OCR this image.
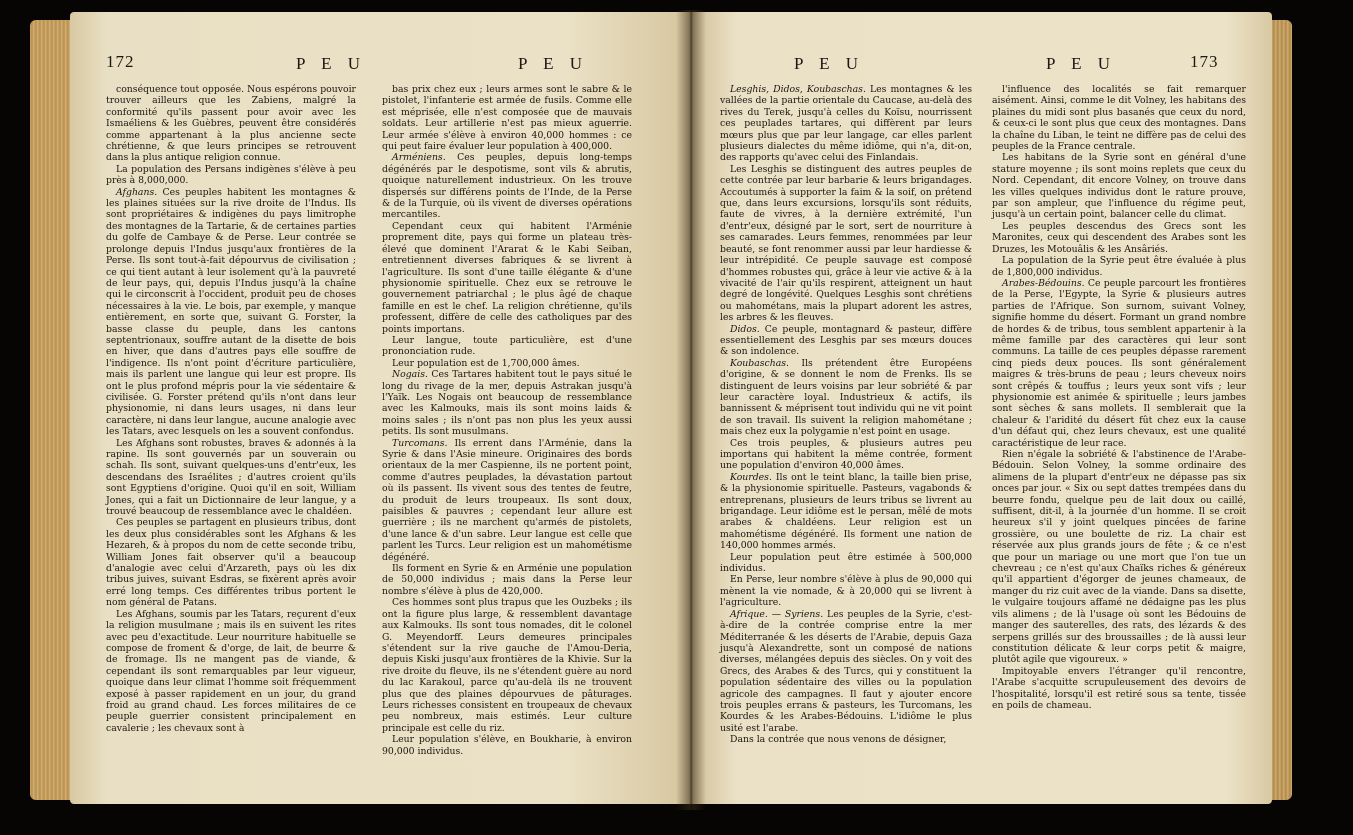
172	P E U	P E U

conséquence tout opposée. Nous espérons pouvoir trouver ailleurs que les Zabiens, malgré la conformité qu'ils passent pour avoir avec les Ismaéliens & les Guèbres, peuvent être considérés comme appartenant à la plus ancienne secte chrétienne, & que leurs principes se retrouvent dans la plus antique religion connue.

La population des Persans indigènes s'élève à peu près à 8,000,000.

Afghans. Ces peuples habitent les montagnes & les plaines situées sur la rive droite de l'Indus. Ils sont propriétaires & indigènes du pays limitrophe des montagnes de la Tartarie, & de certaines parties du golfe de Cambaye & de Perse. Leur contrée se prolonge depuis l'Indus jusqu'aux frontières de la Perse. Ils sont tout-à-fait dépourvus de civilisation ; ce qui tient autant à leur isolement qu'à la pauvreté de leur pays, qui, depuis l'Indus jusqu'à la chaîne qui le circonscrit à l'occident, produit peu de choses nécessaires à la vie. Le bois, par exemple, y manque entièrement, en sorte que, suivant G. Forster, la basse classe du peuple, dans les cantons septentrionaux, souffre autant de la disette de bois en hiver, que dans d'autres pays elle souffre de l'indigence. Ils n'ont point d'écriture particulière, mais ils parlent une langue qui leur est propre. Ils ont le plus profond mépris pour la vie sédentaire & civilisée. G. Forster prétend qu'ils n'ont dans leur physionomie, ni dans leurs usages, ni dans leur caractère, ni dans leur langue, aucune analogie avec les Tatars, avec lesquels on les a souvent confondus.

Les Afghans sont robustes, braves & adonnés à la rapine. Ils sont gouvernés par un souverain ou schah. Ils sont, suivant quelques-uns d'entr'eux, les descendans des Israélites ; d'autres croient qu'ils sont Egyptiens d'origine. Quoi qu'il en soit, William Jones, qui a fait un Dictionnaire de leur langue, y a trouvé beaucoup de ressemblance avec le chaldéen.

Ces peuples se partagent en plusieurs tribus, dont les deux plus considérables sont les Afghans & les Hezareh, & à propos du nom de cette seconde tribu, William Jones fait observer qu'il a beaucoup d'analogie avec celui d'Arzareth, pays où les dix tribus juives, suivant Esdras, se fixèrent après avoir erré long temps. Ces différentes tribus portent le nom général de Patans.

Les Afghans, soumis par les Tatars, reçurent d'eux la religion musulmane ; mais ils en suivent les rites avec peu d'exactitude. Leur nourriture habituelle se compose de froment & d'orge, de lait, de beurre & de fromage. Ils ne mangent pas de viande, & cependant ils sont remarquables par leur vigueur, quoique dans leur climat l'homme soit fréquemment exposé à passer rapidement en un jour, du grand froid au grand chaud. Les forces militaires de ce peuple guerrier consistent principalement en cavalerie ; les chevaux sont à

bas prix chez eux ; leurs armes sont le sabre & le pistolet, l'infanterie est armée de fusils. Comme elle est méprisée, elle n'est composée que de mauvais soldats. Leur artillerie n'est pas mieux aguerrie. Leur armée s'élève à environ 40,000 hommes : ce qui peut faire évaluer leur population à 400,000.

Arméniens. Ces peuples, depuis long-temps dégénérés par le despotisme, sont vils & abrutis, quoique naturellement industrieux. On les trouve dispersés sur différens points de l'Inde, de la Perse & de la Turquie, où ils vivent de diverses opérations mercantiles.

Cependant ceux qui habitent l'Arménie proprement dite, pays qui forme un plateau très-élevé que dominent l'Ararat & le Kabi Seiban, entretiennent diverses fabriques & se livrent à l'agriculture. Ils sont d'une taille élégante & d'une physionomie spirituelle. Chez eux se retrouve le gouvernement patriarchal ; le plus âgé de chaque famille en est le chef. La religion chrétienne, qu'ils professent, diffère de celle des catholiques par des points importans.

Leur langue, toute particulière, est d'une prononciation rude.

Leur population est de 1,700,000 âmes.

Nogais. Ces Tartares habitent tout le pays situé le long du rivage de la mer, depuis Astrakan jusqu'à l'Yaïk. Les Nogais ont beaucoup de ressemblance avec les Kalmouks, mais ils sont moins laids & moins sales ; ils n'ont pas non plus les yeux aussi petits. Ils sont musulmans.

Turcomans. Ils errent dans l'Arménie, dans la Syrie & dans l'Asie mineure. Originaires des bords orientaux de la mer Caspienne, ils ne portent point, comme d'autres peuplades, la dévastation partout où ils passent. Ils vivent sous des tentes de feutre, du produit de leurs troupeaux. Ils sont doux, paisibles & pauvres ; cependant leur allure est guerrière ; ils ne marchent qu'armés de pistolets, d'une lance & d'un sabre. Leur langue est celle que parlent les Turcs. Leur religion est un mahométisme dégénéré.

Ils forment en Syrie & en Arménie une population de 50,000 individus ; mais dans la Perse leur nombre s'élève à plus de 420,000.

Ces hommes sont plus trapus que les Ouzbeks ; ils ont la figure plus large, & ressemblent davantage aux Kalmouks. Ils sont tous nomades, dit le colonel G. Meyendorff. Leurs demeures principales s'étendent sur la rive gauche de l'Amou-Deria, depuis Kiski jusqu'aux frontières de la Khivie. Sur la rive droite du fleuve, ils ne s'étendent guère au nord du lac Karakoul, parce qu'au-delà ils ne trouvent plus que des plaines dépourvues de pâturages. Leurs richesses consistent en troupeaux de chevaux peu nombreux, mais estimés. Leur culture principale est celle du riz.

Leur population s'élève, en Boukharie, à environ 90,000 individus.

P E U	P E U	173

Lesghis, Didos, Koubaschas. Les montagnes & les vallées de la partie orientale du Caucase, au-delà des rives du Terek, jusqu'à celles du Koïsu, nourrissent ces peuplades tartares, qui diffèrent par leurs mœurs plus que par leur langage, car elles parlent plusieurs dialectes du même idiôme, qui n'a, dit-on, des rapports qu'avec celui des Finlandais.

Les Lesghis se distinguent des autres peuples de cette contrée par leur barbarie & leurs brigandages. Accoutumés à supporter la faim & la soif, on prétend que, dans leurs excursions, lorsqu'ils sont réduits, faute de vivres, à la dernière extrémité, l'un d'entr'eux, désigné par le sort, sert de nourriture à ses camarades. Leurs femmes, renommées par leur beauté, se font renommer aussi par leur hardiesse & leur intrépidité. Ce peuple sauvage est composé d'hommes robustes qui, grâce à leur vie active & à la vivacité de l'air qu'ils respirent, atteignent un haut degré de longévité. Quelques Lesghis sont chrétiens ou mahométans, mais la plupart adorent les astres, les arbres & les fleuves.

Didos. Ce peuple, montagnard & pasteur, diffère essentiellement des Lesghis par ses mœurs douces & son indolence.

Koubaschas. Ils prétendent être Européens d'origine, & se donnent le nom de Frenks. Ils se distinguent de leurs voisins par leur sobriété & par leur caractère loyal. Industrieux & actifs, ils bannissent & méprisent tout individu qui ne vit point de son travail. Ils suivent la religion mahométane ; mais chez eux la polygamie n'est point en usage.

Ces trois peuples, & plusieurs autres peu importans qui habitent la même contrée, forment une population d'environ 40,000 âmes.

Kourdes. Ils ont le teint blanc, la taille bien prise, & la physionomie spirituelle. Pasteurs, vagabonds & entreprenans, plusieurs de leurs tribus se livrent au brigandage. Leur idiôme est le persan, mêlé de mots arabes & chaldéens. Leur religion est un mahométisme dégénéré. Ils forment une nation de 140,000 hommes armés.

Leur population peut être estimée à 500,000 individus.

En Perse, leur nombre s'élève à plus de 90,000 qui mènent la vie nomade, & à 20,000 qui se livrent à l'agriculture.

Afrique. — Syriens. Les peuples de la Syrie, c'est-à-dire de la contrée comprise entre la mer Méditerranée & les déserts de l'Arabie, depuis Gaza jusqu'à Alexandrette, sont un composé de nations diverses, mélangées depuis des siècles. On y voit des Grecs, des Arabes & des Turcs, qui y constituent la population sédentaire des villes ou la population agricole des campagnes. Il faut y ajouter encore trois peuples errans & pasteurs, les Turcomans, les Kourdes & les Arabes-Bédouins. L'idiôme le plus usité est l'arabe.

Dans la contrée que nous venons de désigner,

l'influence des localités se fait remarquer aisément. Ainsi, comme le dit Volney, les habitans des plaines du midi sont plus basanés que ceux du nord, & ceux-ci le sont plus que ceux des montagnes. Dans la chaîne du Liban, le teint ne diffère pas de celui des peuples de la France centrale.

Les habitans de la Syrie sont en général d'une stature moyenne ; ils sont moins replets que ceux du Nord. Cependant, dit encore Volney, on trouve dans les villes quelques individus dont le rature prouve, par son ampleur, que l'influence du régime peut, jusqu'à un certain point, balancer celle du climat.

Les peuples descendus des Grecs sont les Maronites, ceux qui descendent des Arabes sont les Druzes, les Motouâlis & les Ansâriés.

La population de la Syrie peut être évaluée à plus de 1,800,000 individus.

Arabes-Bédouins. Ce peuple parcourt les frontières de la Perse, l'Egypte, la Syrie & plusieurs autres parties de l'Afrique. Son surnom, suivant Volney, signifie homme du désert. Formant un grand nombre de hordes & de tribus, tous semblent appartenir à la même famille par des caractères qui leur sont communs. La taille de ces peuples dépasse rarement cinq pieds deux pouces. Ils sont généralement maigres & très-bruns de peau ; leurs cheveux noirs sont crêpés & touffus ; leurs yeux sont vifs ; leur physionomie est animée & spirituelle ; leurs jambes sont sèches & sans mollets. Il semblerait que la chaleur & l'aridité du désert fût chez eux la cause d'un défaut qui, chez leurs chevaux, est une qualité caractéristique de leur race.

Rien n'égale la sobriété & l'abstinence de l'Arabe-Bédouin. Selon Volney, la somme ordinaire des alimens de la plupart d'entr'eux ne dépasse pas six onces par jour. « Six ou sept dattes trempées dans du beurre fondu, quelque peu de lait doux ou caillé, suffisent, dit-il, à la journée d'un homme. Il se croit heureux s'il y joint quelques pincées de farine grossière, ou une boulette de riz. La chair est réservée aux plus grands jours de fête ; & ce n'est que pour un mariage ou une mort que l'on tue un chevreau ; ce n'est qu'aux Chaïks riches & généreux qu'il appartient d'égorger de jeunes chameaux, de manger du riz cuit avec de la viande. Dans sa disette, le vulgaire toujours affamé ne dédaigne pas les plus vils alimens ; de là l'usage où sont les Bédouins de manger des sauterelles, des rats, des lézards & des serpens grillés sur des broussailles ; de là aussi leur constitution délicate & leur corps petit & maigre, plutôt agile que vigoureux. »

Impitoyable envers l'étranger qu'il rencontre, l'Arabe s'acquitte scrupuleusement des devoirs de l'hospitalité, lorsqu'il est retiré sous sa tente, tissée en poils de chameau.
